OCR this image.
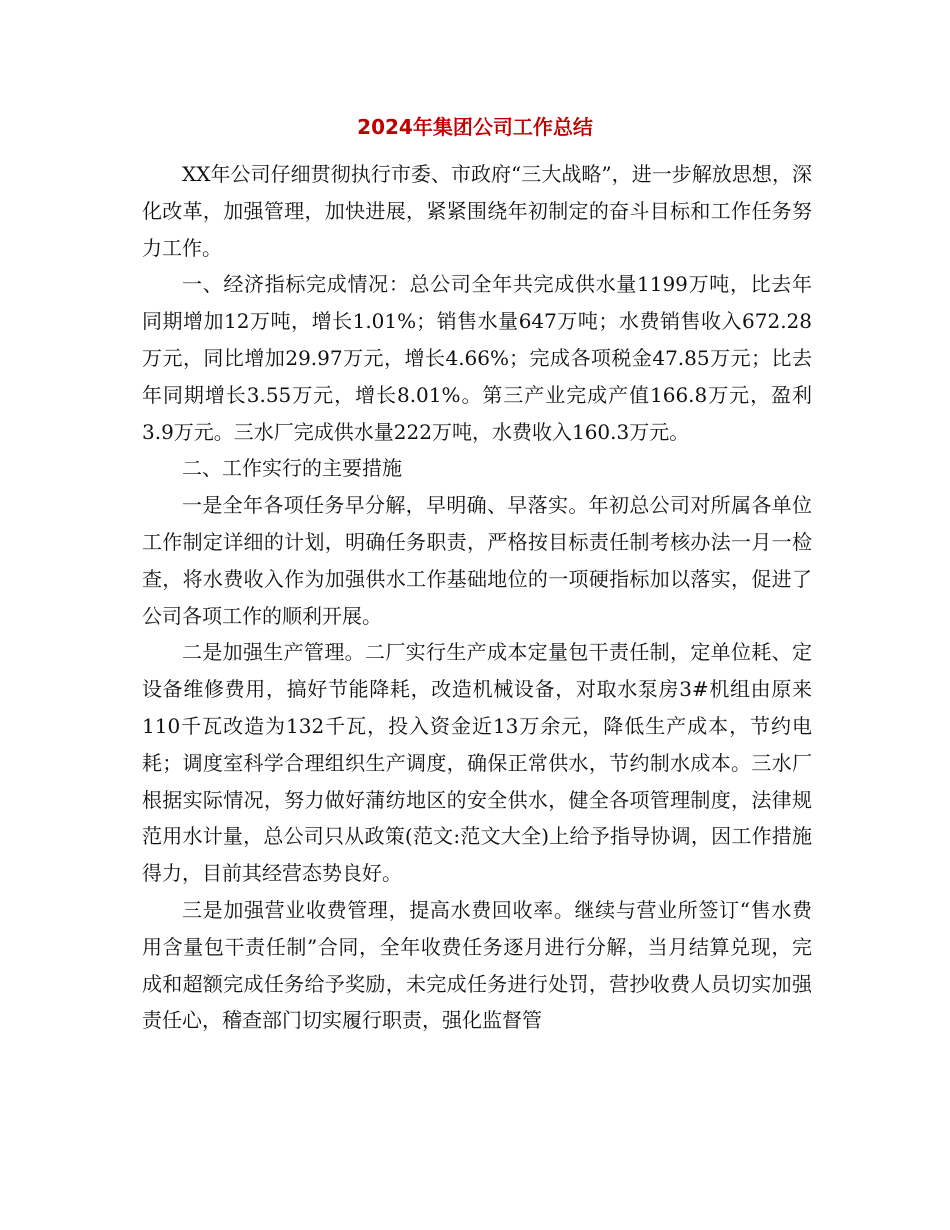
2024年集团公司工作总结

XX年公司仔细贯彻执行市委、市政府“三大战略”，进一步解放思想，深化改革，加强管理，加快进展，紧紧围绕年初制定的奋斗目标和工作任务努力工作。

一、经济指标完成情况：总公司全年共完成供水量1199万吨，比去年同期增加12万吨，增长1.01%；销售水量647万吨；水费销售收入672.28万元，同比增加29.97万元，增长4.66%；完成各项税金47.85万元；比去年同期增长3.55万元，增长8.01%。第三产业完成产值166.8万元，盈利3.9万元。三水厂完成供水量222万吨，水费收入160.3万元。

二、工作实行的主要措施

一是全年各项任务早分解，早明确、早落实。年初总公司对所属各单位工作制定详细的计划，明确任务职责，严格按目标责任制考核办法一月一检查，将水费收入作为加强供水工作基础地位的一项硬指标加以落实，促进了公司各项工作的顺利开展。

二是加强生产管理。二厂实行生产成本定量包干责任制，定单位耗、定设备维修费用，搞好节能降耗，改造机械设备，对取水泵房3#机组由原来110千瓦改造为132千瓦，投入资金近13万余元，降低生产成本，节约电耗；调度室科学合理组织生产调度，确保正常供水，节约制水成本。三水厂根据实际情况，努力做好蒲纺地区的安全供水，健全各项管理制度，法律规范用水计量，总公司只从政策(范文:范文大全)上给予指导协调，因工作措施得力，目前其经营态势良好。

三是加强营业收费管理，提高水费回收率。继续与营业所签订“售水费用含量包干责任制”合同，全年收费任务逐月进行分解，当月结算兑现，完成和超额完成任务给予奖励，未完成任务进行处罚，营抄收费人员切实加强责任心，稽查部门切实履行职责，强化监督管
